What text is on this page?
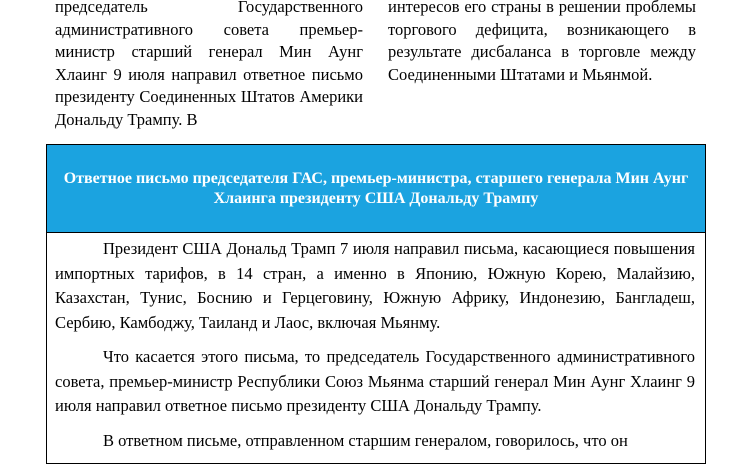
председатель Государственного административного совета премьер-министр старший генерал Мин Аунг Хлаинг 9 июля направил ответное письмо президенту Соединенных Штатов Америки Дональду Трампу. В

интересов его страны в решении проблемы торгового дефицита, возникающего в результате дисбаланса в торговле между Соединенными Штатами и Мьянмой.

Ответное письмо председателя ГАС, премьер-министра, старшего генерала Мин Аунг Хлаинга президенту США Дональду Трампу

Президент США Дональд Трамп 7 июля направил письма, касающиеся повышения импортных тарифов, в 14 стран, а именно в Японию, Южную Корею, Малайзию, Казахстан, Тунис, Боснию и Герцеговину, Южную Африку, Индонезию, Бангладеш, Сербию, Камбоджу, Таиланд и Лаос, включая Мьянму.

Что касается этого письма, то председатель Государственного административного совета, премьер-министр Республики Союз Мьянма старший генерал Мин Аунг Хлаинг 9 июля направил ответное письмо президенту США Дональду Трампу.

В ответном письме, отправленном старшим генералом, говорилось, что он
